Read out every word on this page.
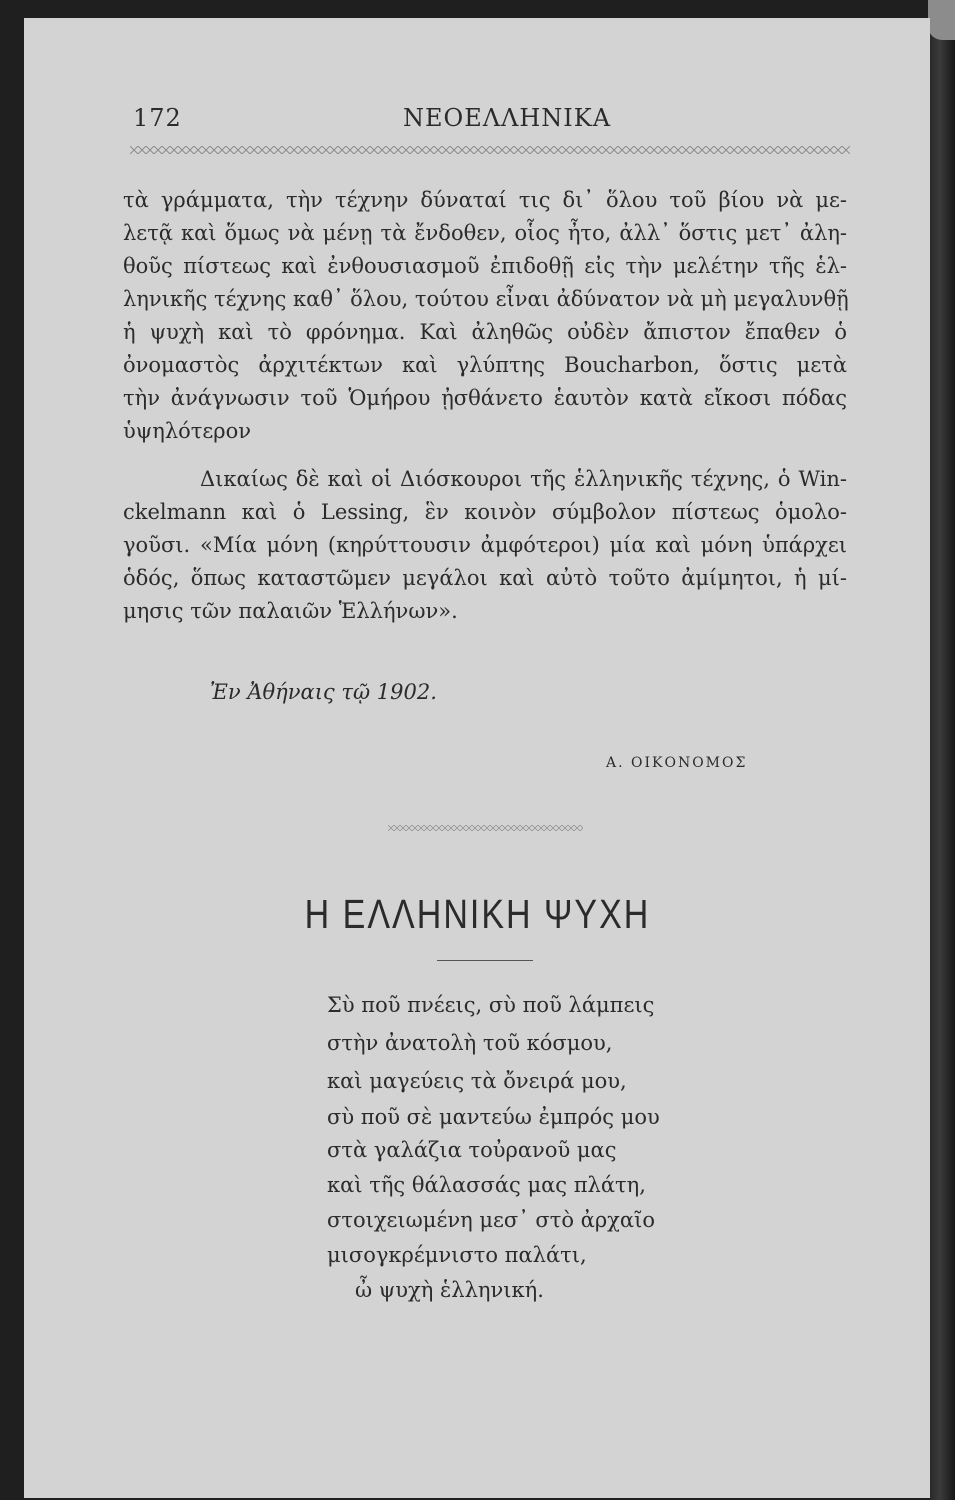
172	ΝΕΟΕΛΛΗΝΙΚΑ
τὰ γράμματα, τὴν τέχνην δύναταί τις δι᾽ ὅλου τοῦ βίου νὰ με-
λετᾷ καὶ ὅμως νὰ μένῃ τὰ ἔνδοθεν, οἷος ἦτο, ἀλλ᾽ ὅστις μετ᾽ ἀλη-
θοῦς πίστεως καὶ ἐνθουσιασμοῦ ἐπιδοθῇ εἰς τὴν μελέτην τῆς ἑλ-
ληνικῆς τέχνης καθ᾽ ὅλου, τούτου εἶναι ἀδύνατον νὰ μὴ μεγαλυνθῇ
ἡ ψυχὴ καὶ τὸ φρόνημα. Καὶ ἀληθῶς οὐδὲν ἄπιστον ἔπαθεν ὁ
ὀνομαστὸς ἀρχιτέκτων καὶ γλύπτης Boucharbon, ὅστις μετὰ
τὴν ἀνάγνωσιν τοῦ Ὁμήρου ᾐσθάνετο ἑαυτὸν κατὰ εἴκοσι πόδας
ὑψηλότερον
Δικαίως δὲ καὶ οἱ Διόσκουροι τῆς ἑλληνικῆς τέχνης, ὁ Win-
ckelmann καὶ ὁ Lessing, ἓν κοινὸν σύμβολον πίστεως ὁμολο-
γοῦσι. «Μία μόνη (κηρύττουσιν ἀμφότεροι) μία καὶ μόνη ὑπάρχει
ὁδός, ὅπως καταστῶμεν μεγάλοι καὶ αὐτὸ τοῦτο ἀμίμητοι, ἡ μί-
μησις τῶν παλαιῶν Ἑλλήνων».
Ἐν Ἀθήναις τῷ 1902.
Α. ΟΙΚΟΝΟΜΟΣ
Η ΕΛΛΗΝΙΚΗ ΨΥΧΗ
Σὺ ποῦ πνέεις, σὺ ποῦ λάμπεις
στὴν ἀνατολὴ τοῦ κόσμου,
καὶ μαγεύεις τὰ ὄνειρά μου,
σὺ ποῦ σὲ μαντεύω ἐμπρός μου
στὰ γαλάζια τοὐρανοῦ μας
καὶ τῆς θάλασσάς μας πλάτη,
στοιχειωμένη μεσ᾽ στὸ ἀρχαῖο
μισογκρέμνιστο παλάτι,
ὦ ψυχὴ ἑλληνική.
